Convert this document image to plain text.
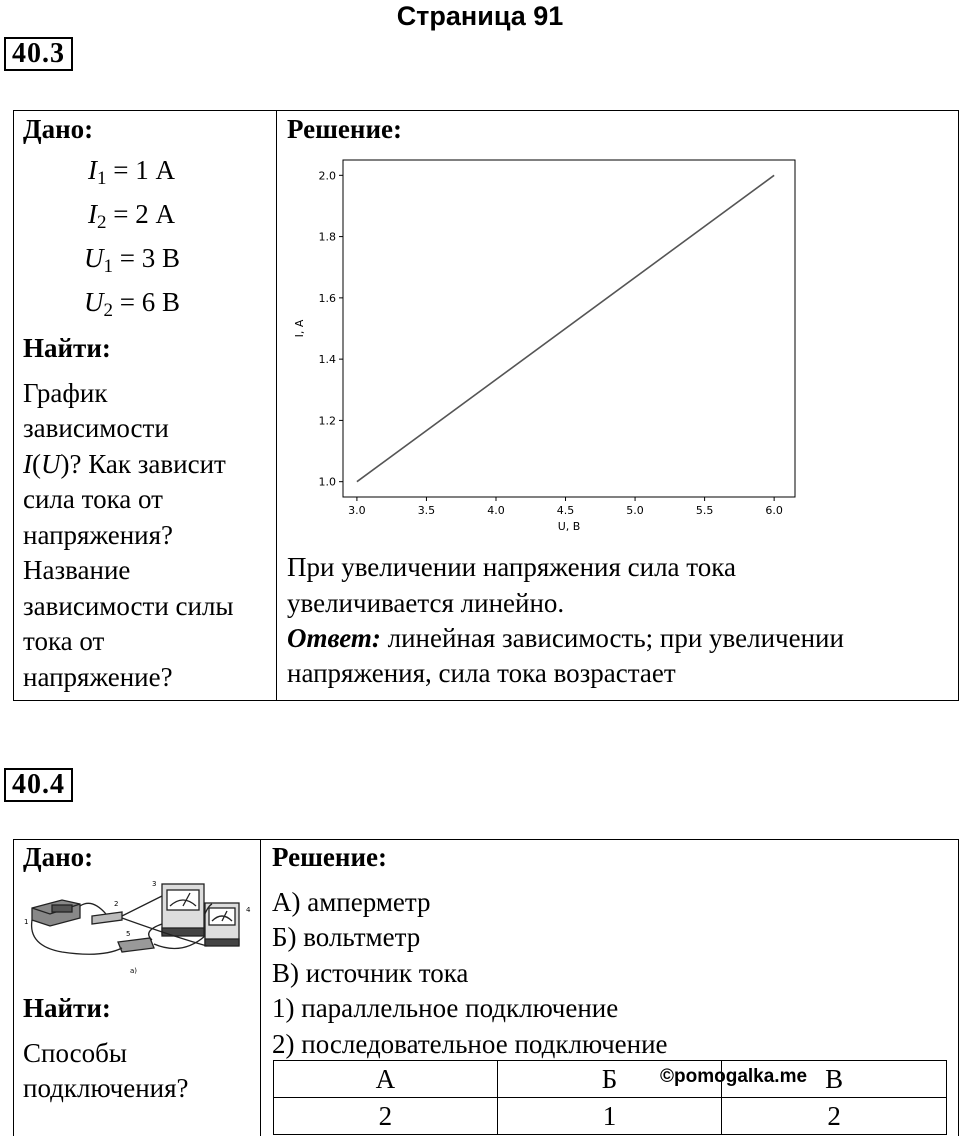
Страница 91
40.3
Дано:
$I_1 = 1$ А
$I_2 = 2$ А
$U_1 = 3$ В
$U_2 = 6$ В
Найти:
График
зависимости
I(U)? Как зависит
сила тока от
напряжения?
Название
зависимости силы
тока от
напряжение?
Решение:
3.0	3.5	4.0	4.5	5.0	5.5	6.0
1.0
1.2
1.4
1.6
1.8
2.0
U, В
I, А
При увеличении напряжения сила тока
увеличивается линейно.
Ответ: линейная зависимость; при увеличении
напряжения, сила тока возрастает
40.4
Дано:
1
2
3
4
5
а)
Найти:
Способы
подключения?
Решение:
А) амперметр
Б) вольтметр
В) источник тока
1) параллельное подключение
2) последовательное подключение
А	Б	В
2	1	2
©pomogalka.me
